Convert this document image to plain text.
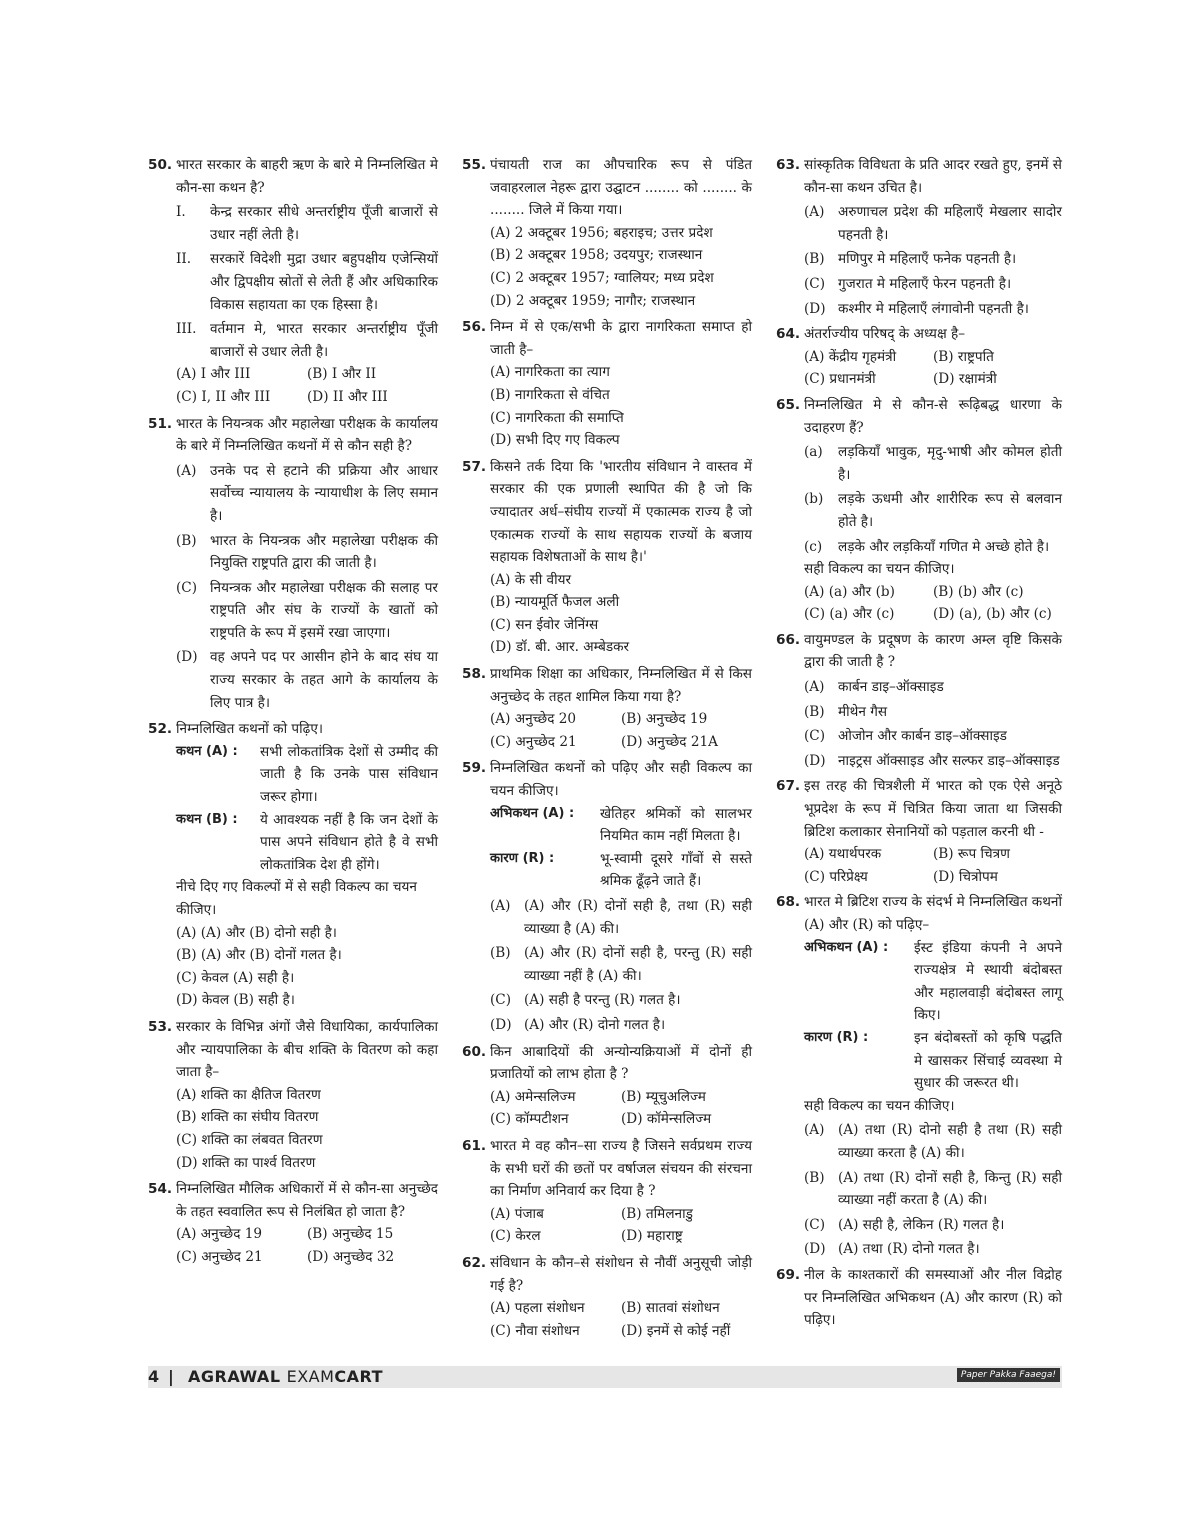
50. भारत सरकार के बाहरी ऋण के बारे मे निम्नलिखित मे कौन-सा कथन है?
I.	केन्द्र सरकार सीधे अन्तर्राष्ट्रीय पूँजी बाजारों से उधार नहीं लेती है।
II.	सरकारें विदेशी मुद्रा उधार बहुपक्षीय एजेन्सियों और द्विपक्षीय स्रोतों से लेती हैं और अधिकारिक विकास सहायता का एक हिस्सा है।
III. वर्तमान मे, भारत सरकार अन्तर्राष्ट्रीय पूँजी बाजारों से उधार लेती है।
(A) I और III	(B) I और II
(C) I, II और III	(D) II और III
51. भारत के नियन्त्रक और महालेखा परीक्षक के कार्यालय के बारे में निम्नलिखित कथनों में से कौन सही है?
(A) उनके पद से हटाने की प्रक्रिया और आधार सर्वोच्च न्यायालय के न्यायाधीश के लिए समान है।
(B) भारत के नियन्त्रक और महालेखा परीक्षक की नियुक्ति राष्ट्रपति द्वारा की जाती है।
(C) नियन्त्रक और महालेखा परीक्षक की सलाह पर राष्ट्रपति और संघ के राज्यों के खातों को राष्ट्रपति के रूप में इसमें रखा जाएगा।
(D) वह अपने पद पर आसीन होने के बाद संघ या राज्य सरकार के तहत आगे के कार्यालय के लिए पात्र है।
52. निम्नलिखित कथनों को पढ़िए।
कथन (A) :	सभी लोकतांत्रिक देशों से उम्मीद की जाती है कि उनके पास संविधान जरूर होगा।
कथन (B) :	ये आवश्यक नहीं है कि जन देशों के पास अपने संविधान होते है वे सभी लोकतांत्रिक देश ही होंगे।
नीचे दिए गए विकल्पों में से सही विकल्प का चयन कीजिए।
(A) (A) और (B) दोनो सही है।
(B) (A) और (B) दोनों गलत है।
(C) केवल (A) सही है।
(D) केवल (B) सही है।
53. सरकार के विभिन्न अंगों जैसे विधायिका, कार्यपालिका और न्यायपालिका के बीच शक्ति के वितरण को कहा जाता है–
(A) शक्ति का क्षैतिज वितरण
(B) शक्ति का संघीय वितरण
(C) शक्ति का लंबवत वितरण
(D) शक्ति का पार्श्व वितरण
54. निम्नलिखित मौलिक अधिकारों में से कौन-सा अनुच्छेद के तहत स्ववालित रूप से निलंबित हो जाता है?
(A) अनुच्छेद 19	(B) अनुच्छेद 15
(C) अनुच्छेद 21	(D) अनुच्छेद 32
55. पंचायती राज का औपचारिक रूप से पंडित जवाहरलाल नेहरू द्वारा उद्घाटन ........ को ........ के ........ जिले में किया गया।
(A) 2 अक्टूबर 1956; बहराइच; उत्तर प्रदेश
(B) 2 अक्टूबर 1958; उदयपुर; राजस्थान
(C) 2 अक्टूबर 1957; ग्वालियर; मध्य प्रदेश
(D) 2 अक्टूबर 1959; नागौर; राजस्थान
56. निम्न में से एक/सभी के द्वारा नागरिकता समाप्त हो जाती है–
(A) नागरिकता का त्याग
(B) नागरिकता से वंचित
(C) नागरिकता की समाप्ति
(D) सभी दिए गए विकल्प
57. किसने तर्क दिया कि 'भारतीय संविधान ने वास्तव में सरकार की एक प्रणाली स्थापित की है जो कि ज्यादातर अर्ध–संघीय राज्यों में एकात्मक राज्य है जो एकात्मक राज्यों के साथ सहायक राज्यों के बजाय सहायक विशेषताओं के साथ है।'
(A) के सी वीयर
(B) न्यायमूर्ति फैजल अली
(C) सन ईवोर जेनिंग्स
(D) डॉ. बी. आर. अम्बेडकर
58. प्राथमिक शिक्षा का अधिकार, निम्नलिखित में से किस अनुच्छेद के तहत शामिल किया गया है?
(A) अनुच्छेद 20	(B) अनुच्छेद 19
(C) अनुच्छेद 21	(D) अनुच्छेद 21A
59. निम्नलिखित कथनों को पढ़िए और सही विकल्प का चयन कीजिए।
अभिकथन (A) :	खेतिहर श्रमिकों को सालभर नियमित काम नहीं मिलता है।
कारण (R) :	भू-स्वामी दूसरे गाँवों से सस्ते श्रमिक ढूँढ़ने जाते हैं।
(A) (A) और (R) दोनों सही है, तथा (R) सही व्याख्या है (A) की।
(B) (A) और (R) दोनों सही है, परन्तु (R) सही व्याख्या नहीं है (A) की।
(C) (A) सही है परन्तु (R) गलत है।
(D) (A) और (R) दोनो गलत है।
60. किन आबादियों की अन्योन्यक्रियाओं में दोनों ही प्रजातियों को लाभ होता है ?
(A) अमेन्सलिज्म	(B) म्यूचुअलिज्म
(C) कॉम्पटीशन	(D) कॉमेन्सलिज्म
61. भारत मे वह कौन–सा राज्य है जिसने सर्वप्रथम राज्य के सभी घरों की छतों पर वर्षाजल संचयन की संरचना का निर्माण अनिवार्य कर दिया है ?
(A) पंजाब	(B) तमिलनाडु
(C) केरल	(D) महाराष्ट्र
62. संविधान के कौन–से संशोधन से नौवीं अनुसूची जोड़ी गई है?
(A) पहला संशोधन	(B) सातवां संशोधन
(C) नौवा संशोधन	(D) इनमें से कोई नहीं
63. सांस्कृतिक विविधता के प्रति आदर रखते हुए, इनमें से कौन-सा कथन उचित है।
(A) अरुणाचल प्रदेश की महिलाएँ मेखलार सादोर पहनती है।
(B) मणिपुर मे महिलाएँ फनेक पहनती है।
(C) गुजरात मे महिलाएँ फेरन पहनती है।
(D) कश्मीर मे महिलाएँ लंगावोनी पहनती है।
64. अंतर्राज्यीय परिषद् के अध्यक्ष है–
(A) केंद्रीय गृहमंत्री	(B) राष्ट्रपति
(C) प्रधानमंत्री	(D) रक्षामंत्री
65. निम्नलिखित मे से कौन-से रूढ़िबद्ध धारणा के उदाहरण हैं?
(a)	लड़कियाँ भावुक, मृदु-भाषी और कोमल होती है।
(b)	लड़के ऊधमी और शारीरिक रूप से बलवान होते है।
(c)	लड़के और लड़कियाँ गणित मे अच्छे होते है।
सही विकल्प का चयन कीजिए।
(A) (a) और (b)	(B) (b) और (c)
(C) (a) और (c)	(D) (a), (b) और (c)
66. वायुमण्डल के प्रदूषण के कारण अम्ल वृष्टि किसके द्वारा की जाती है ?
(A) कार्बन डाइ–ऑक्साइड
(B) मीथेन गैस
(C) ओजोन और कार्बन डाइ–ऑक्साइड
(D) नाइट्रस ऑक्साइड और सल्फर डाइ–ऑक्साइड
67. इस तरह की चित्रशैली में भारत को एक ऐसे अनूठे भूप्रदेश के रूप में चित्रित किया जाता था जिसकी ब्रिटिश कलाकार सेनानियों को पड़ताल करनी थी -
(A) यथार्थपरक	(B) रूप चित्रण
(C) परिप्रेक्ष्य	(D) चित्रोपम
68. भारत मे ब्रिटिश राज्य के संदर्भ मे निम्नलिखित कथनों (A) और (R) को पढ़िए–
अभिकथन (A) :	ईस्ट इंडिया कंपनी ने अपने राज्यक्षेत्र मे स्थायी बंदोबस्त और महालवाड़ी बंदोबस्त लागू किए।
कारण (R) :	इन बंदोबस्तों को कृषि पद्धति मे खासकर सिंचाई व्यवस्था मे सुधार की जरूरत थी।
सही विकल्प का चयन कीजिए।
(A) (A) तथा (R) दोनो सही है तथा (R) सही व्याख्या करता है (A) की।
(B) (A) तथा (R) दोनों सही है, किन्तु (R) सही व्याख्या नहीं करता है (A) की।
(C) (A) सही है, लेकिन (R) गलत है।
(D) (A) तथा (R) दोनो गलत है।
69. नील के काश्तकारों की समस्याओं और नील विद्रोह पर निम्नलिखित अभिकथन (A) और कारण (R) को पढ़िए।
4 | AGRAWAL EXAMCART	Paper Pakka Faaega!
